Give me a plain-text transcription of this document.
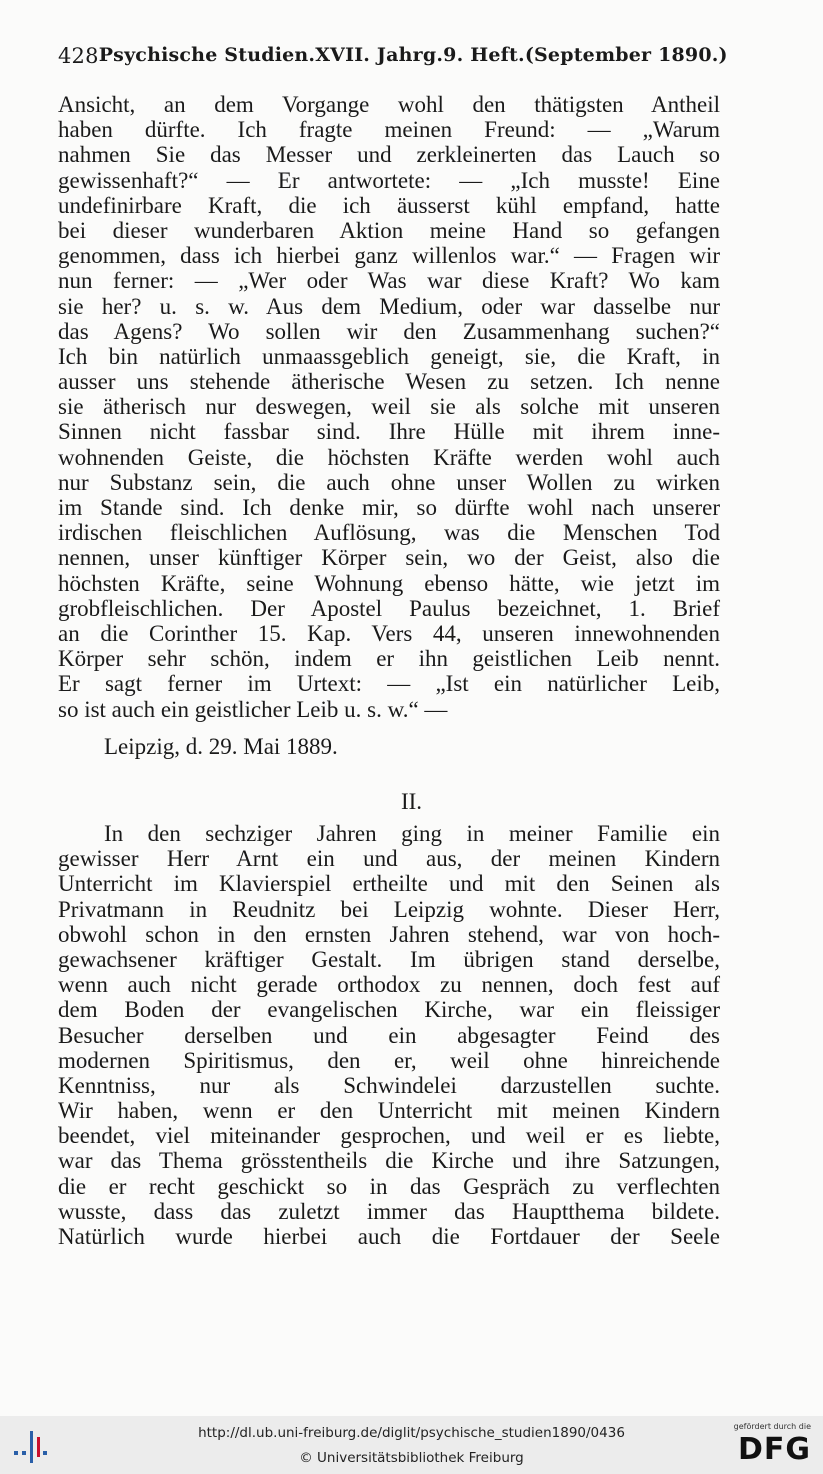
428 Psychische Studien. XVII. Jahrg. 9. Heft. (September 1890.)
Ansicht, an dem Vorgange wohl den thätigsten Antheil
haben dürfte. Ich fragte meinen Freund: — „Warum
nahmen Sie das Messer und zerkleinerten das Lauch so
gewissenhaft?“ — Er antwortete: — „Ich musste! Eine
undefinirbare Kraft, die ich äusserst kühl empfand, hatte
bei dieser wunderbaren Aktion meine Hand so gefangen
genommen, dass ich hierbei ganz willenlos war.“ — Fragen wir
nun ferner: — „Wer oder Was war diese Kraft? Wo kam
sie her? u. s. w. Aus dem Medium, oder war dasselbe nur
das Agens? Wo sollen wir den Zusammenhang suchen?“
Ich bin natürlich unmaassgeblich geneigt, sie, die Kraft, in
ausser uns stehende ätherische Wesen zu setzen. Ich nenne
sie ätherisch nur deswegen, weil sie als solche mit unseren
Sinnen nicht fassbar sind. Ihre Hülle mit ihrem inne-
wohnenden Geiste, die höchsten Kräfte werden wohl auch
nur Substanz sein, die auch ohne unser Wollen zu wirken
im Stande sind. Ich denke mir, so dürfte wohl nach unserer
irdischen fleischlichen Auflösung, was die Menschen Tod
nennen, unser künftiger Körper sein, wo der Geist, also die
höchsten Kräfte, seine Wohnung ebenso hätte, wie jetzt im
grobfleischlichen. Der Apostel Paulus bezeichnet, 1. Brief
an die Corinther 15. Kap. Vers 44, unseren innewohnenden
Körper sehr schön, indem er ihn geistlichen Leib nennt.
Er sagt ferner im Urtext: — „Ist ein natürlicher Leib,
so ist auch ein geistlicher Leib u. s. w.“ —
Leipzig, d. 29. Mai 1889.
II.
In den sechziger Jahren ging in meiner Familie ein
gewisser Herr Arnt ein und aus, der meinen Kindern
Unterricht im Klavierspiel ertheilte und mit den Seinen als
Privatmann in Reudnitz bei Leipzig wohnte. Dieser Herr,
obwohl schon in den ernsten Jahren stehend, war von hoch-
gewachsener kräftiger Gestalt. Im übrigen stand derselbe,
wenn auch nicht gerade orthodox zu nennen, doch fest auf
dem Boden der evangelischen Kirche, war ein fleissiger
Besucher derselben und ein abgesagter Feind des
modernen Spiritismus, den er, weil ohne hinreichende
Kenntniss, nur als Schwindelei darzustellen suchte.
Wir haben, wenn er den Unterricht mit meinen Kindern
beendet, viel miteinander gesprochen, und weil er es liebte,
war das Thema grösstentheils die Kirche und ihre Satzungen,
die er recht geschickt so in das Gespräch zu verflechten
wusste, dass das zuletzt immer das Hauptthema bildete.
Natürlich wurde hierbei auch die Fortdauer der Seele
http://dl.ub.uni-freiburg.de/diglit/psychische_studien1890/0436
© Universitätsbibliothek Freiburg
gefördert durch die
DFG
